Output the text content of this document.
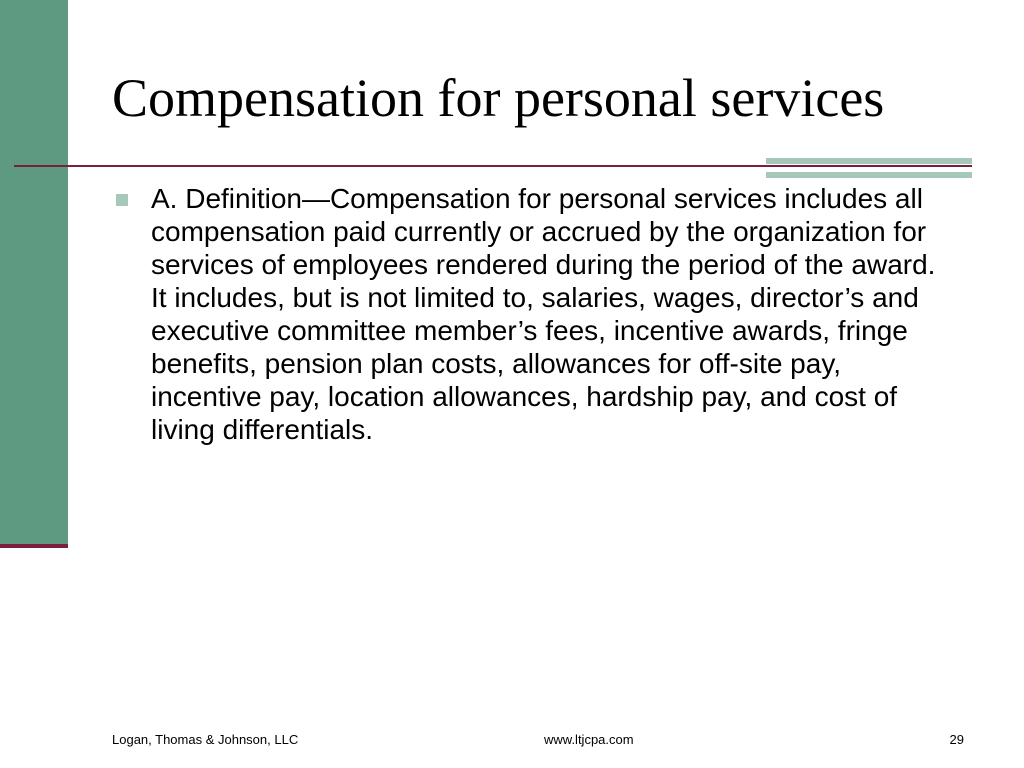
Compensation for personal services
A. Definition—Compensation for personal services includes all compensation paid currently or accrued by the organization for services of employees rendered during the period of the award. It includes, but is not limited to, salaries, wages, director’s and executive committee member’s fees, incentive awards, fringe benefits, pension plan costs, allowances for off-site pay, incentive pay, location allowances, hardship pay, and cost of living differentials.
Logan, Thomas & Johnson, LLC	www.ltjcpa.com	29
